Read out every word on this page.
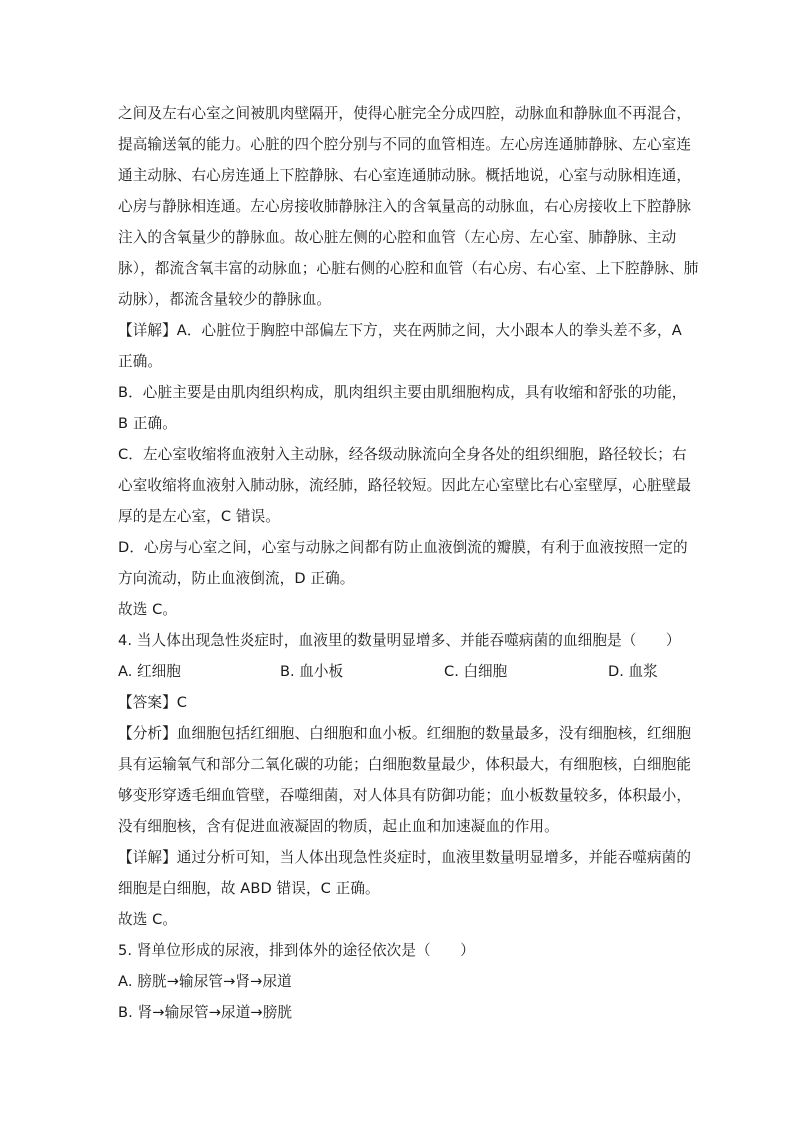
之间及左右心室之间被肌肉壁隔开，使得心脏完全分成四腔，动脉血和静脉血不再混合，
提高输送氧的能力。心脏的四个腔分别与不同的血管相连。左心房连通肺静脉、左心室连
通主动脉、右心房连通上下腔静脉、右心室连通肺动脉。概括地说，心室与动脉相连通，
心房与静脉相连通。左心房接收肺静脉注入的含氧量高的动脉血，右心房接收上下腔静脉
注入的含氧量少的静脉血。故心脏左侧的心腔和血管（左心房、左心室、肺静脉、主动
脉），都流含氧丰富的动脉血；心脏右侧的心腔和血管（右心房、右心室、上下腔静脉、肺
动脉），都流含量较少的静脉血。
【详解】A．心脏位于胸腔中部偏左下方，夹在两肺之间，大小跟本人的拳头差不多，A
正确。
B．心脏主要是由肌肉组织构成，肌肉组织主要由肌细胞构成，具有收缩和舒张的功能，
B 正确。
C．左心室收缩将血液射入主动脉，经各级动脉流向全身各处的组织细胞，路径较长；右
心室收缩将血液射入肺动脉，流经肺，路径较短。因此左心室壁比右心室壁厚，心脏壁最
厚的是左心室，C 错误。
D．心房与心室之间，心室与动脉之间都有防止血液倒流的瓣膜，有利于血液按照一定的
方向流动，防止血液倒流，D 正确。
故选 C。
4. 当人体出现急性炎症时，血液里的数量明显增多、并能吞噬病菌的血细胞是（　　）
A. 红细胞	B. 血小板	C. 白细胞	D. 血浆
【答案】C
【分析】血细胞包括红细胞、白细胞和血小板。红细胞的数量最多，没有细胞核，红细胞
具有运输氧气和部分二氧化碳的功能；白细胞数量最少，体积最大，有细胞核，白细胞能
够变形穿透毛细血管壁，吞噬细菌，对人体具有防御功能；血小板数量较多，体积最小，
没有细胞核，含有促进血液凝固的物质，起止血和加速凝血的作用。
【详解】通过分析可知，当人体出现急性炎症时，血液里数量明显增多，并能吞噬病菌的
细胞是白细胞，故 ABD 错误，C 正确。
故选 C。
5. 肾单位形成的尿液，排到体外的途径依次是（　　）
A. 膀胱→输尿管→肾→尿道
B. 肾→输尿管→尿道→膀胱
